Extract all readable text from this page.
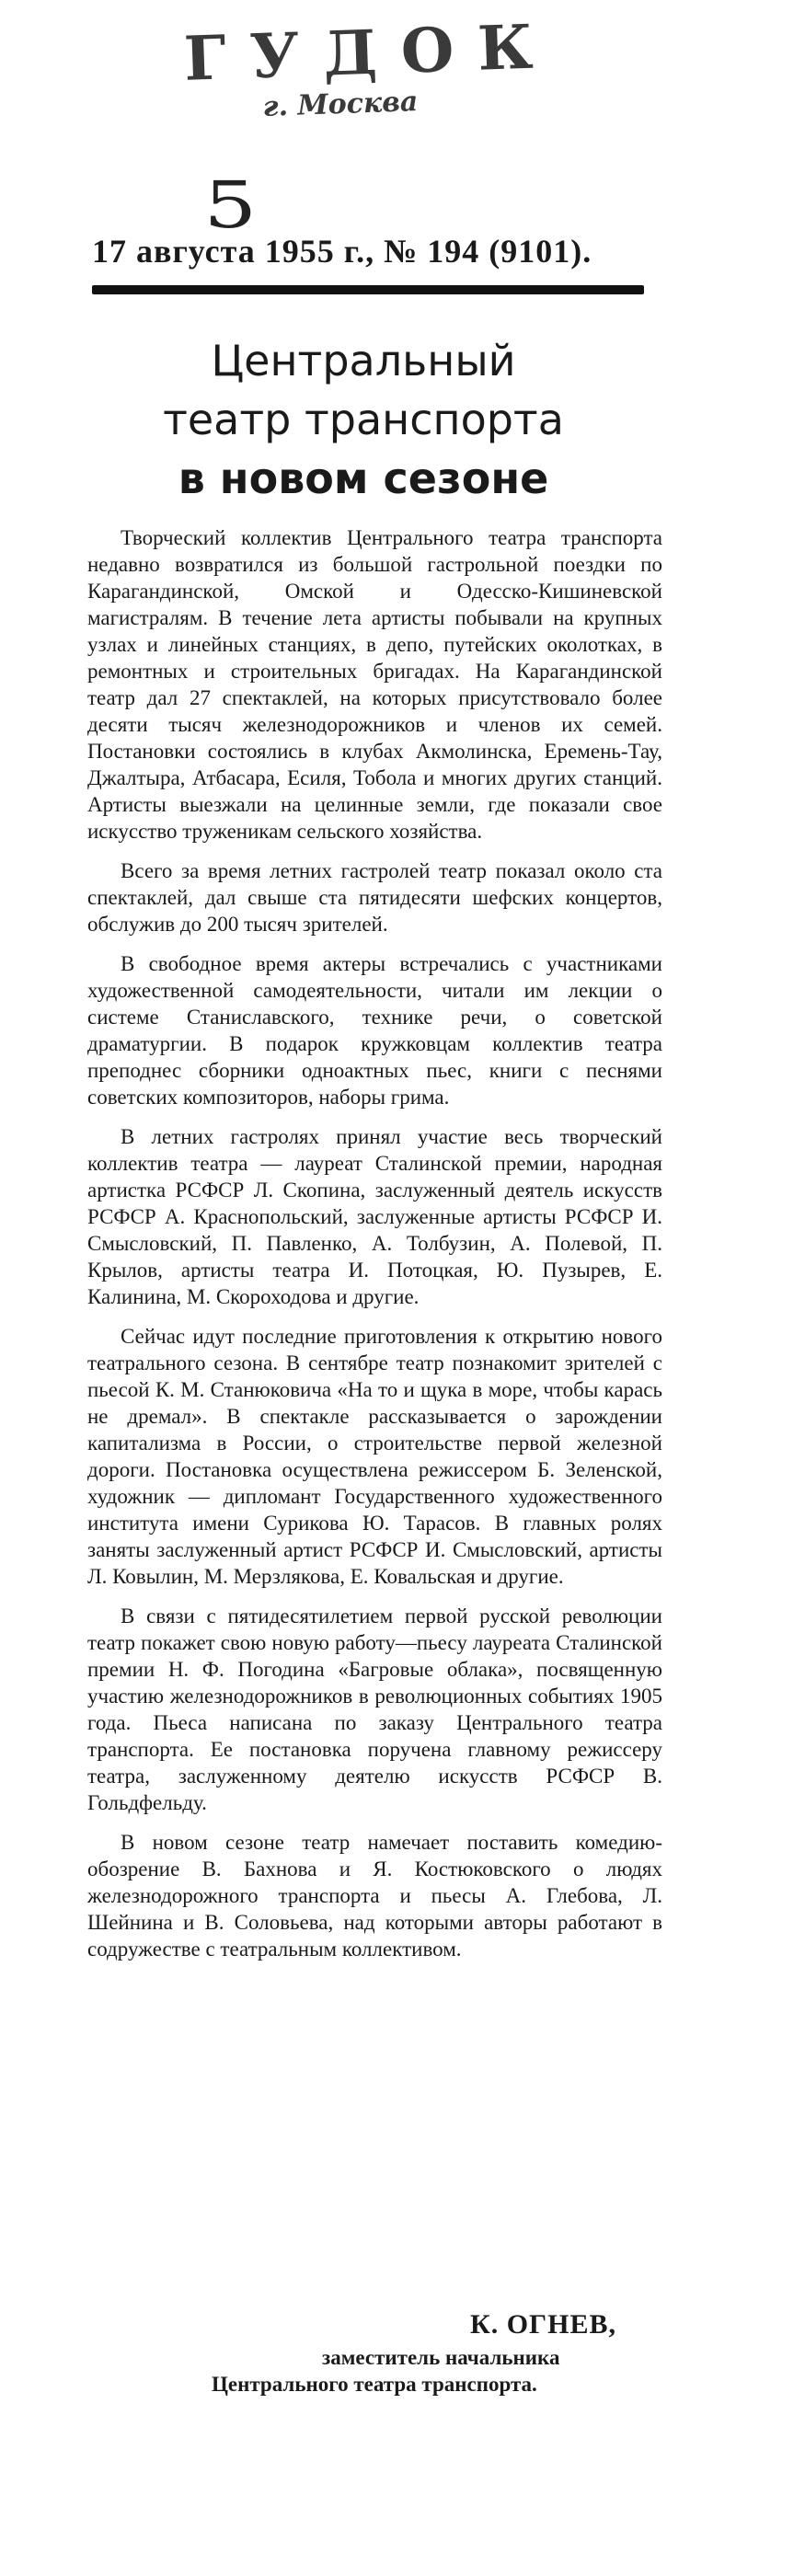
ГУДОК
г. Москва
5
17 августа 1955 г., № 194 (9101).
Центральный
театр транспорта
в новом сезоне

Творческий коллектив Центрального театра транспорта недавно возвратился из большой гастрольной поездки по Карагандинской, Омской и Одесско-Кишиневской магистралям. В течение лета артисты побывали на крупных узлах и линейных станциях, в депо, путейских околотках, в ремонтных и строительных бригадах. На Карагандинской театр дал 27 спектаклей, на которых присутствовало более десяти тысяч железнодорожников и членов их семей. Постановки состоялись в клубах Акмолинска, Еремень-Тау, Джалтыра, Атбасара, Есиля, Тобола и многих других станций. Артисты выезжали на целинные земли, где показали свое искусство труженикам сельского хозяйства.

Всего за время летних гастролей театр показал около ста спектаклей, дал свыше ста пятидесяти шефских концертов, обслужив до 200 тысяч зрителей.

В свободное время актеры встречались с участниками художественной самодеятельности, читали им лекции о системе Станиславского, технике речи, о советской драматургии. В подарок кружковцам коллектив театра преподнес сборники одноактных пьес, книги с песнями советских композиторов, наборы грима.

В летних гастролях принял участие весь творческий коллектив театра — лауреат Сталинской премии, народная артистка РСФСР Л. Скопина, заслуженный деятель искусств РСФСР А. Краснопольский, заслуженные артисты РСФСР И. Смысловский, П. Павленко, А. Толбузин, А. Полевой, П. Крылов, артисты театра И. Потоцкая, Ю. Пузырев, Е. Калинина, М. Скороходова и другие.

Сейчас идут последние приготовления к открытию нового театрального сезона. В сентябре театр познакомит зрителей с пьесой К. М. Станюковича «На то и щука в море, чтобы карась не дремал». В спектакле рассказывается о зарождении капитализма в России, о строительстве первой железной дороги. Постановка осуществлена режиссером Б. Зеленской, художник — дипломант Государственного художественного института имени Сурикова Ю. Тарасов. В главных ролях заняты заслуженный артист РСФСР И. Смысловский, артисты Л. Ковылин, М. Мерзлякова, Е. Ковальская и другие.

В связи с пятидесятилетием первой русской революции театр покажет свою новую работу—пьесу лауреата Сталинской премии Н. Ф. Погодина «Багровые облака», посвященную участию железнодорожников в революционных событиях 1905 года. Пьеса написана по заказу Центрального театра транспорта. Ее постановка поручена главному режиссеру театра, заслуженному деятелю искусств РСФСР В. Гольдфельду.

В новом сезоне театр намечает поставить комедию-обозрение В. Бахнова и Я. Костюковского о людях железнодорожного транспорта и пьесы А. Глебова, Л. Шейнина и В. Соловьева, над которыми авторы работают в содружестве с театральным коллективом.

К. ОГНЕВ,
заместитель начальника
Центрального театра транспорта.
